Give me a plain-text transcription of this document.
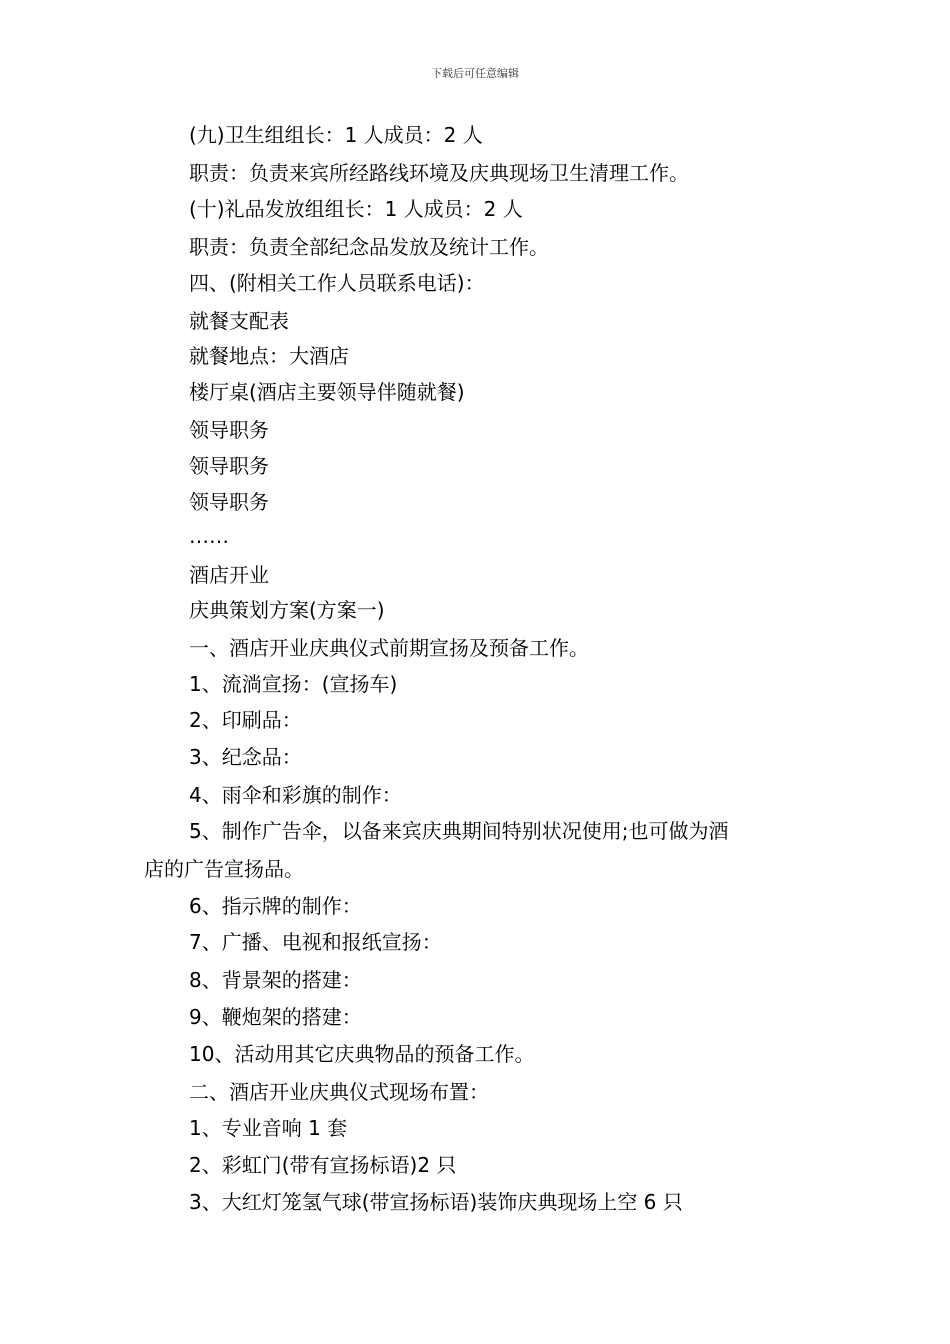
下载后可任意编辑
(九)卫生组组长：1 人成员：2 人
职责：负责来宾所经路线环境及庆典现场卫生清理工作。
(十)礼品发放组组长：1 人成员：2 人
职责：负责全部纪念品发放及统计工作。
四、(附相关工作人员联系电话)：
就餐支配表
就餐地点：大酒店
楼厅桌(酒店主要领导伴随就餐)
领导职务
领导职务
领导职务
……
酒店开业
庆典策划方案(方案一)
一、酒店开业庆典仪式前期宣扬及预备工作。
1、流淌宣扬：(宣扬车)
2、印刷品：
3、纪念品：
4、雨伞和彩旗的制作：
5、制作广告伞，以备来宾庆典期间特别状况使用;也可做为酒
店的广告宣扬品。
6、指示牌的制作：
7、广播、电视和报纸宣扬：
8、背景架的搭建：
9、鞭炮架的搭建：
10、活动用其它庆典物品的预备工作。
二、酒店开业庆典仪式现场布置：
1、专业音响 1 套
2、彩虹门(带有宣扬标语)2 只
3、大红灯笼氢气球(带宣扬标语)装饰庆典现场上空 6 只
